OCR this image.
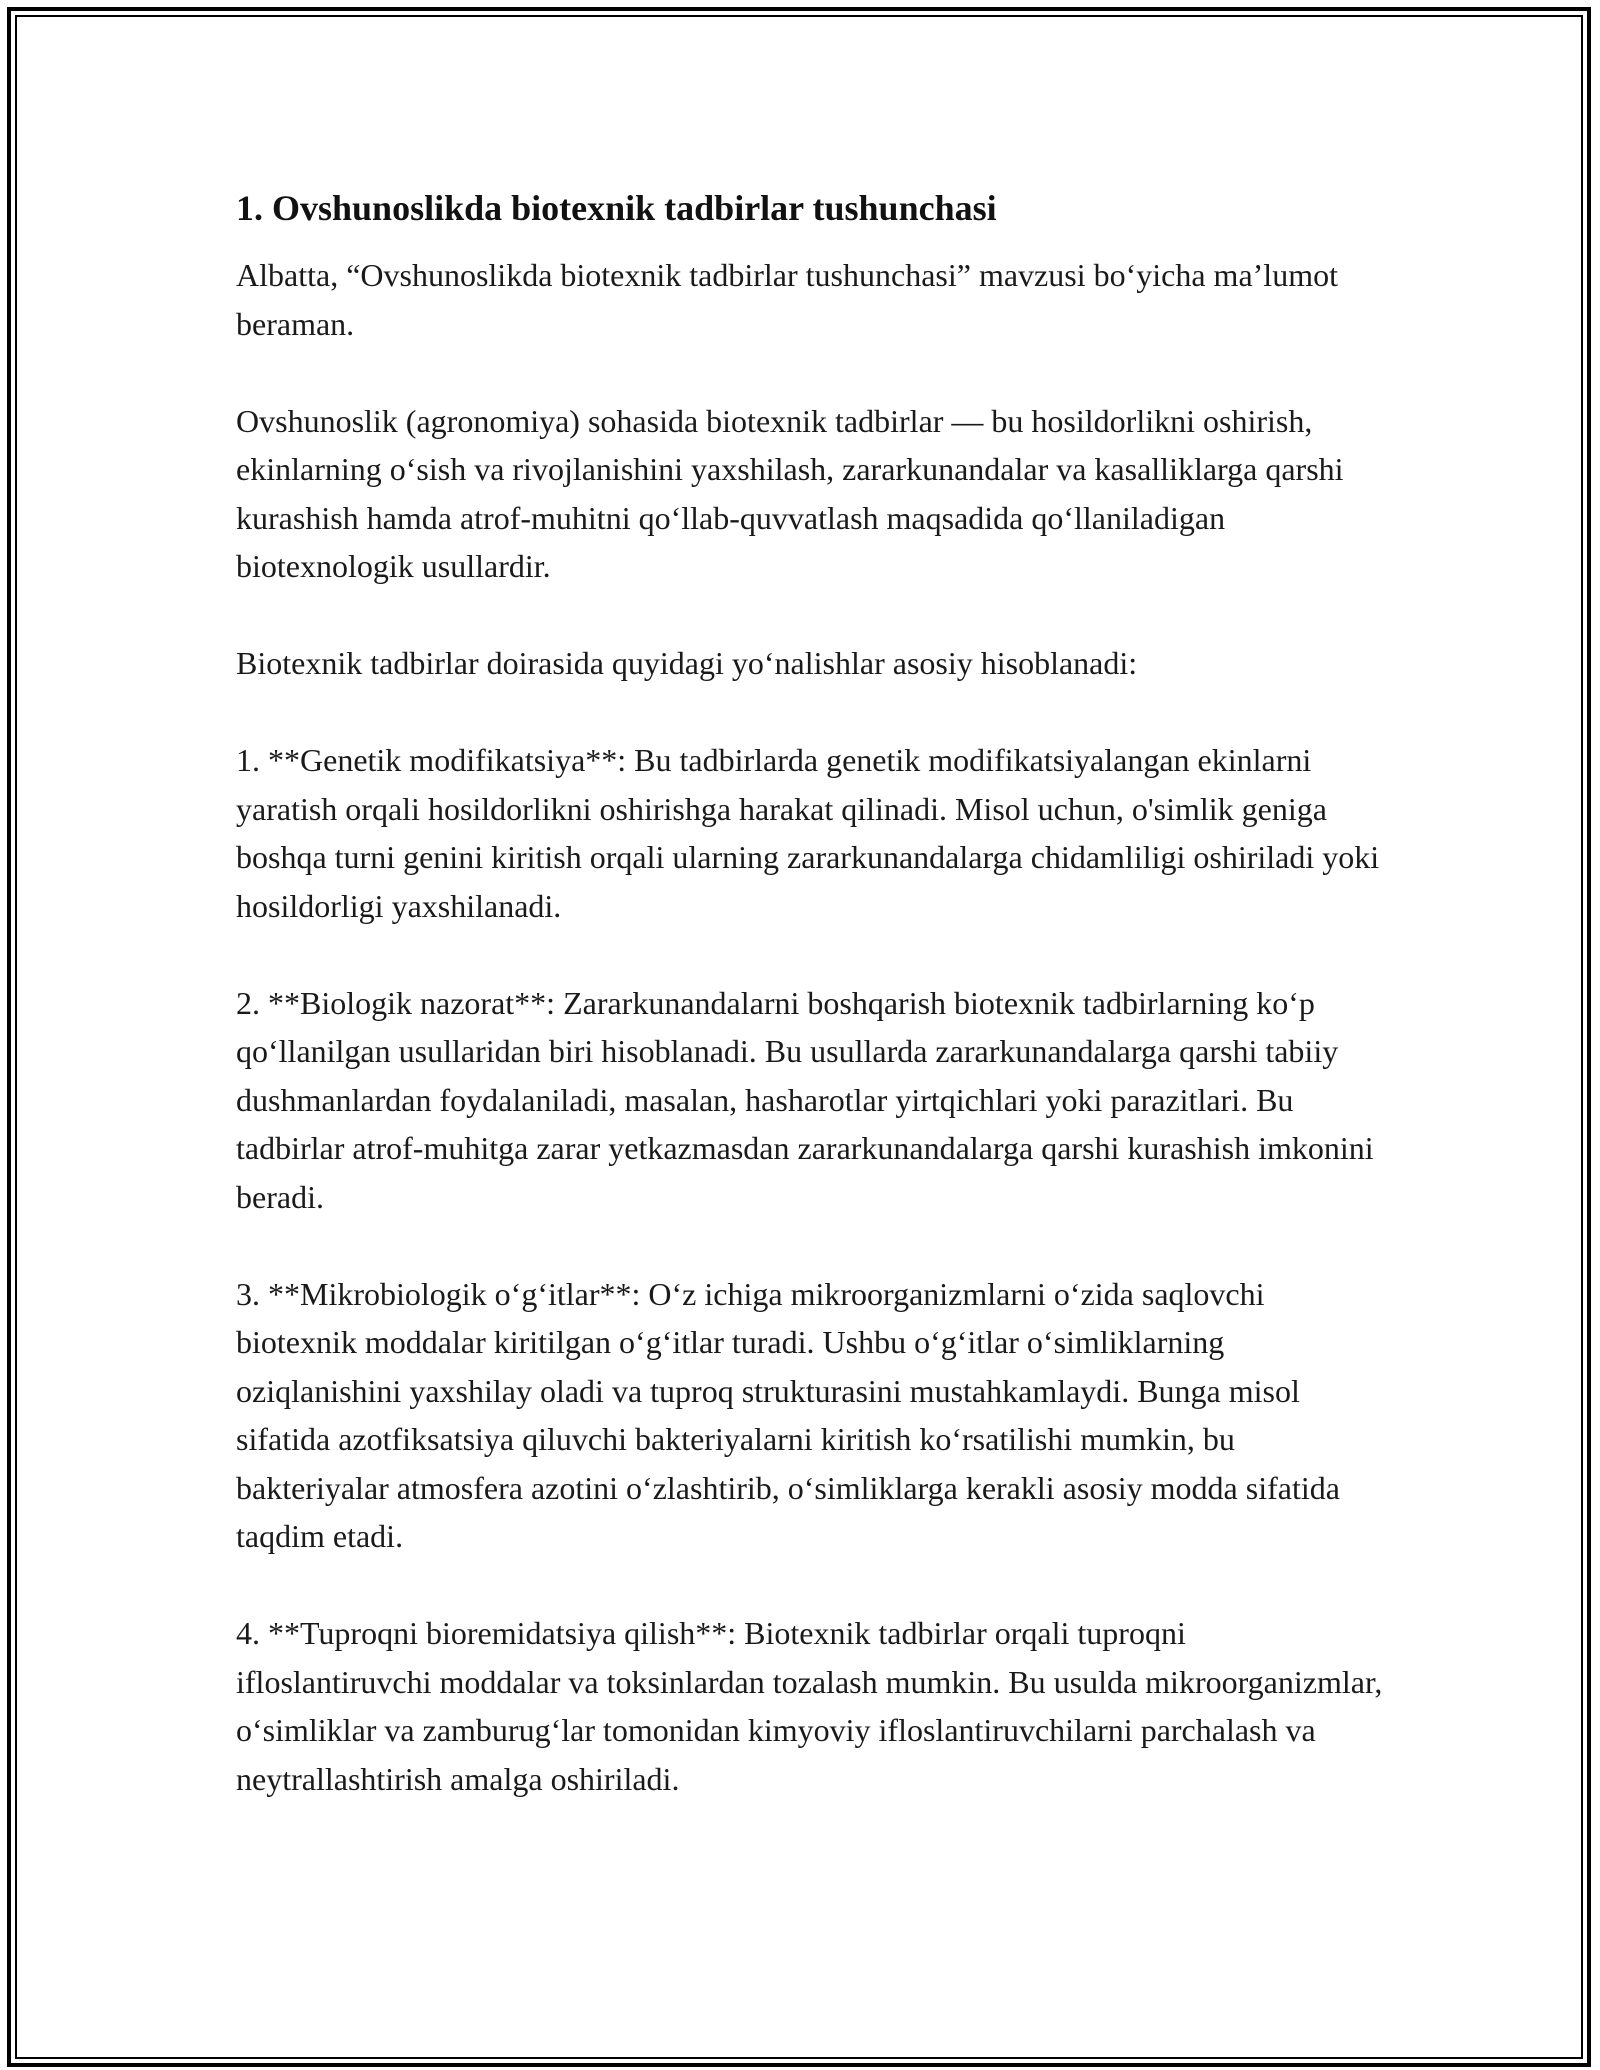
1. Ovshunoslikda biotexnik tadbirlar tushunchasi

Albatta, “Ovshunoslikda biotexnik tadbirlar tushunchasi” mavzusi bo‘yicha ma’lumot beraman.

Ovshunoslik (agronomiya) sohasida biotexnik tadbirlar — bu hosildorlikni oshirish, ekinlarning o‘sish va rivojlanishini yaxshilash, zararkunandalar va kasalliklarga qarshi kurashish hamda atrof-muhitni qo‘llab-quvvatlash maqsadida qo‘llaniladigan biotexnologik usullardir.

Biotexnik tadbirlar doirasida quyidagi yo‘nalishlar asosiy hisoblanadi:

1. **Genetik modifikatsiya**: Bu tadbirlarda genetik modifikatsiyalangan ekinlarni yaratish orqali hosildorlikni oshirishga harakat qilinadi. Misol uchun, o'simlik geniga boshqa turni genini kiritish orqali ularning zararkunandalarga chidamliligi oshiriladi yoki hosildorligi yaxshilanadi.

2. **Biologik nazorat**: Zararkunandalarni boshqarish biotexnik tadbirlarning ko‘p qo‘llanilgan usullaridan biri hisoblanadi. Bu usullarda zararkunandalarga qarshi tabiiy dushmanlardan foydalaniladi, masalan, hasharotlar yirtqichlari yoki parazitlari. Bu tadbirlar atrof-muhitga zarar yetkazmasdan zararkunandalarga qarshi kurashish imkonini beradi.

3. **Mikrobiologik o‘g‘itlar**: O‘z ichiga mikroorganizmlarni o‘zida saqlovchi biotexnik moddalar kiritilgan o‘g‘itlar turadi. Ushbu o‘g‘itlar o‘simliklarning oziqlanishini yaxshilay oladi va tuproq strukturasini mustahkamlaydi. Bunga misol sifatida azotfiksatsiya qiluvchi bakteriyalarni kiritish ko‘rsatilishi mumkin, bu bakteriyalar atmosfera azotini o‘zlashtirib, o‘simliklarga kerakli asosiy modda sifatida taqdim etadi.

4. **Tuproqni bioremidatsiya qilish**: Biotexnik tadbirlar orqali tuproqni ifloslantiruvchi moddalar va toksinlardan tozalash mumkin. Bu usulda mikroorganizmlar, o‘simliklar va zamburug‘lar tomonidan kimyoviy ifloslantiruvchilarni parchalash va neytrallashtirish amalga oshiriladi.
